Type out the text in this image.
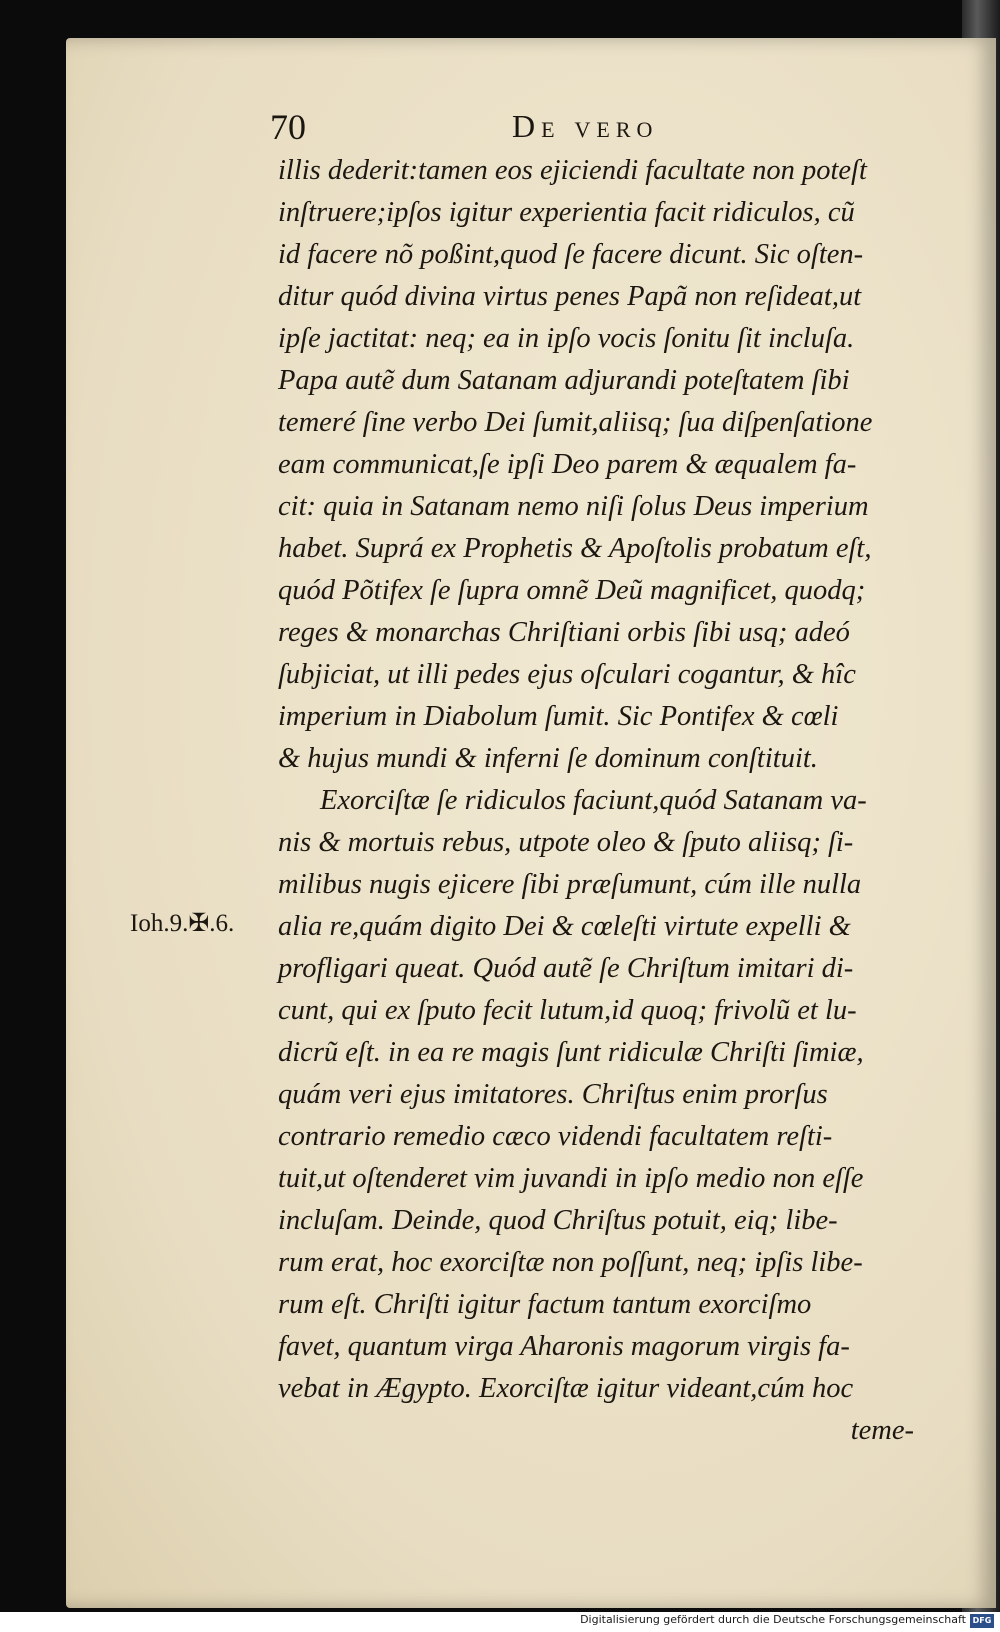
70	De vero
Ioh.9.✠.6.
illis dederit:tamen eos ejiciendi facultate non poteſt
inſtruere;ipſos igitur experientia facit ridiculos, cũ
id facere nõ poßint,quod ſe facere dicunt. Sic oſten-
ditur quód divina virtus penes Papã non reſideat,ut
ipſe jactitat: neq; ea in ipſo vocis ſonitu ſit incluſa.
Papa autẽ dum Satanam adjurandi poteſtatem ſibi
temeré ſine verbo Dei ſumit,aliisq; ſua diſpenſatione
eam communicat,ſe ipſi Deo parem & æqualem fa-
cit: quia in Satanam nemo niſi ſolus Deus imperium
habet. Suprá ex Prophetis & Apoſtolis probatum eſt,
quód Põtifex ſe ſupra omnẽ Deũ magnificet, quodq;
reges & monarchas Chriſtiani orbis ſibi usq; adeó
ſubjiciat, ut illi pedes ejus oſculari cogantur, & hîc
imperium in Diabolum ſumit. Sic Pontifex & cœli
& hujus mundi & inferni ſe dominum conſtituit.
Exorciſtæ ſe ridiculos faciunt,quód Satanam va-
nis & mortuis rebus, utpote oleo & ſputo aliisq; ſi-
milibus nugis ejicere ſibi præſumunt, cúm ille nulla
alia re,quám digito Dei & cœleſti virtute expelli &
profligari queat. Quód autẽ ſe Chriſtum imitari di-
cunt, qui ex ſputo fecit lutum,id quoq; frivolũ et lu-
dicrũ eſt. in ea re magis ſunt ridiculæ Chriſti ſimiæ,
quám veri ejus imitatores. Chriſtus enim prorſus
contrario remedio cæco videndi facultatem reſti-
tuit,ut oſtenderet vim juvandi in ipſo medio non eſſe
incluſam. Deinde, quod Chriſtus potuit, eiq; libe-
rum erat, hoc exorciſtæ non poſſunt, neq; ipſis libe-
rum eſt. Chriſti igitur factum tantum exorciſmo
favet, quantum virga Aharonis magorum virgis fa-
vebat in Ægypto. Exorciſtæ igitur videant,cúm hoc
teme-
Digitalisierung gefördert durch die Deutsche Forschungsgemeinschaft DFG
